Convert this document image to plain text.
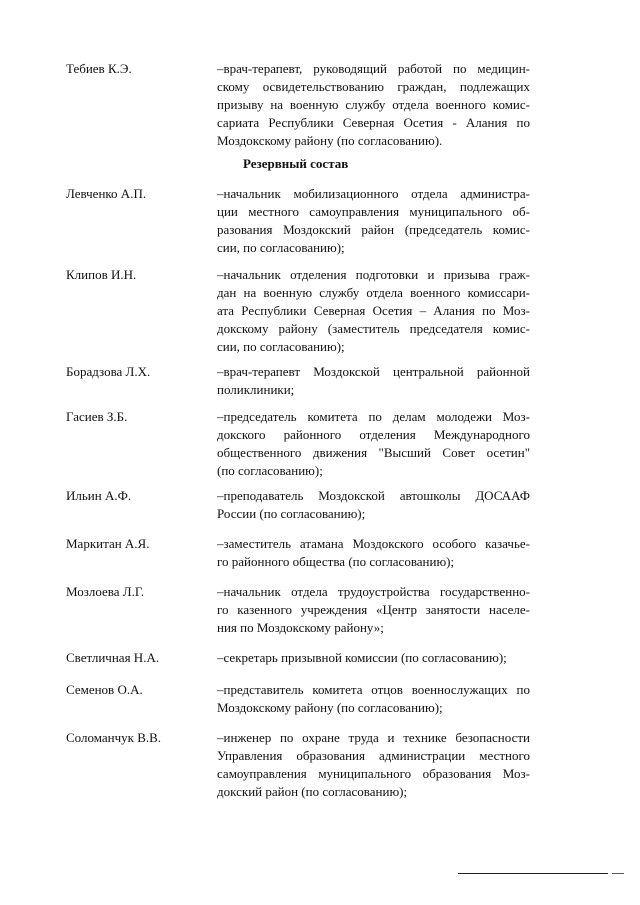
Тебиев К.Э.	–врач-терапевт, руководящий работой по медицин-
скому освидетельствованию граждан, подлежащих
призыву на военную службу отдела военного комис-
сариата Республики Северная Осетия - Алания по
Моздокскому району (по согласованию).
Резервный состав
Левченко А.П.	–начальник мобилизационного отдела администра-
ции местного самоуправления муниципального об-
разования Моздокский район (председатель комис-
сии, по согласованию);
Клипов И.Н.	–начальник отделения подготовки и призыва граж-
дан на военную службу отдела военного комиссари-
ата Республики Северная Осетия – Алания по Моз-
докскому району (заместитель председателя комис-
сии, по согласованию);
Борадзова Л.Х.	–врач-терапевт Моздокской центральной районной
поликлиники;
Гасиев З.Б.	–председатель комитета по делам молодежи Моз-
докского районного отделения Международного
общественного движения "Высший Совет осетин"
(по согласованию);
Ильин А.Ф.	–преподаватель Моздокской автошколы ДОСААФ
России (по согласованию);
Маркитан А.Я.	–заместитель атамана Моздокского особого казачье-
го районного общества (по согласованию);
Мозлоева Л.Г.	–начальник отдела трудоустройства государственно-
го казенного учреждения «Центр занятости населе-
ния по Моздокскому району»;
Светличная Н.А.	–секретарь призывной комиссии (по согласованию);
Семенов О.А.	–представитель комитета отцов военнослужащих по
Моздокскому району (по согласованию);
Соломанчук В.В.	–инженер по охране труда и технике безопасности
Управления образования администрации местного
самоуправления муниципального образования Моз-
докский район (по согласованию);
